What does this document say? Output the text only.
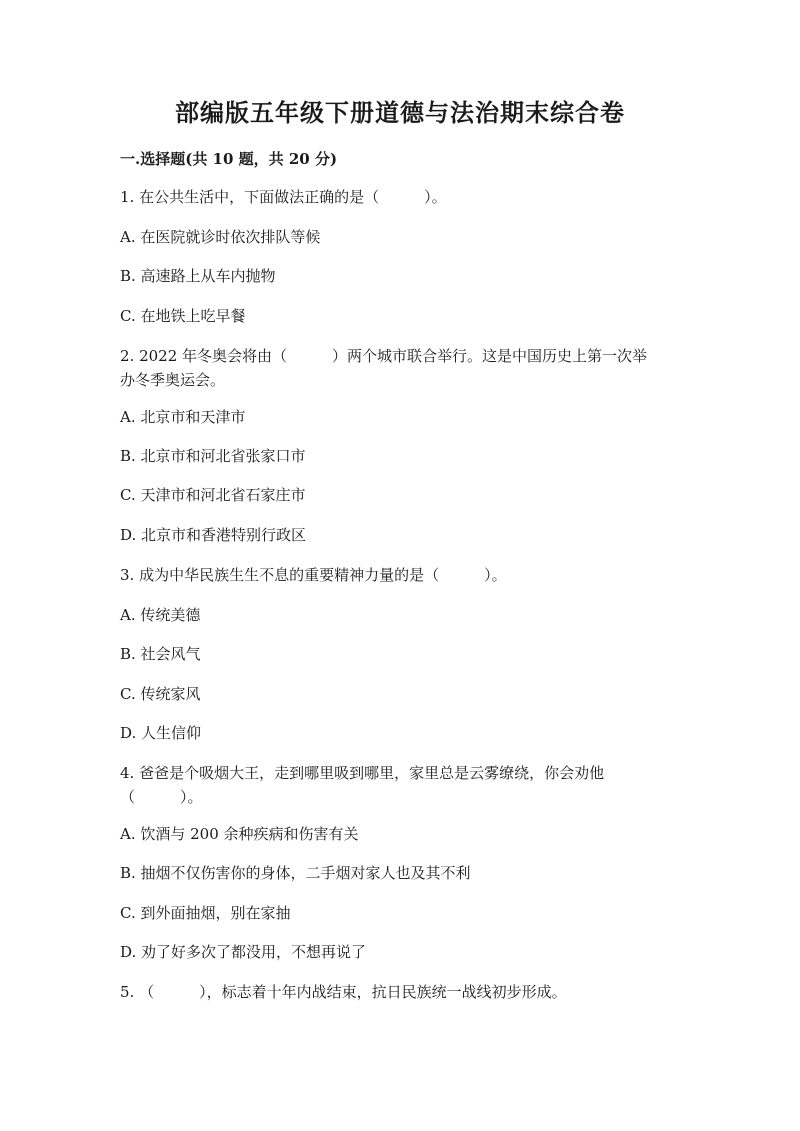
部编版五年级下册道德与法治期末综合卷
一.选择题(共 10 题，共 20 分)
1. 在公共生活中，下面做法正确的是（　　　）。
A. 在医院就诊时依次排队等候
B. 高速路上从车内抛物
C. 在地铁上吃早餐
2. 2022 年冬奥会将由（　　　）两个城市联合举行。这是中国历史上第一次举
办冬季奥运会。
A. 北京市和天津市
B. 北京市和河北省张家口市
C. 天津市和河北省石家庄市
D. 北京市和香港特别行政区
3. 成为中华民族生生不息的重要精神力量的是（　　　）。
A. 传统美德
B. 社会风气
C. 传统家风
D. 人生信仰
4. 爸爸是个吸烟大王，走到哪里吸到哪里，家里总是云雾缭绕，你会劝他
（　　　）。
A. 饮酒与 200 余种疾病和伤害有关
B. 抽烟不仅伤害你的身体，二手烟对家人也及其不利
C. 到外面抽烟，别在家抽
D. 劝了好多次了都没用，不想再说了
5. （　　　），标志着十年内战结束，抗日民族统一战线初步形成。
